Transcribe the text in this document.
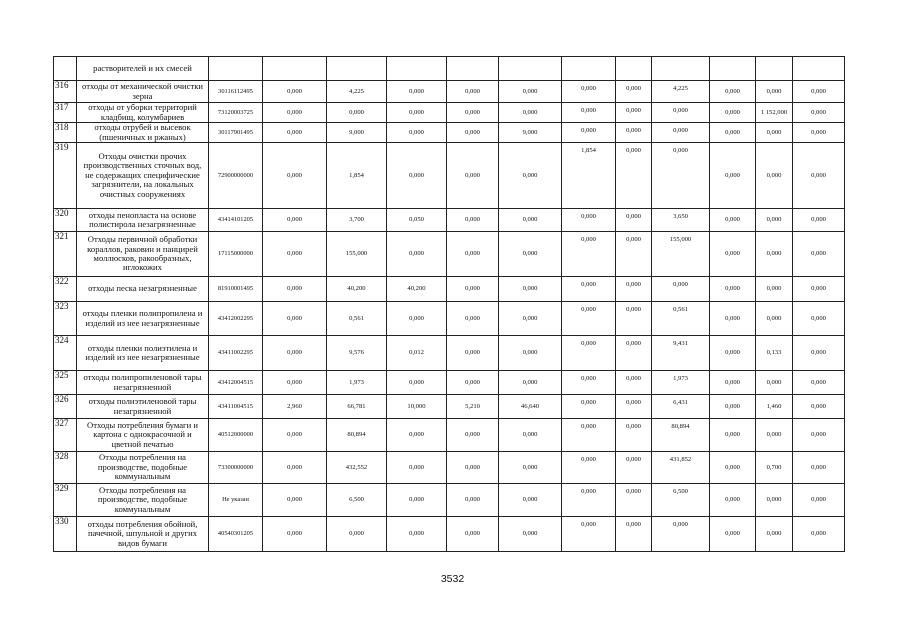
	растворителей и их смесей												
316	отходы от механической очистки зерна	30116112495	0,000	4,225	0,000	0,000	0,000	0,000	0,000	4,225	0,000	0,000	0,000
317	отходы от уборки территорий кладбищ, колумбариев	73120003725	0,000	0,000	0,000	0,000	0,000	0,000	0,000	0,000	0,000	1 152,000	0,000
318	отходы отрубей и высевок (пшеничных и ржаных)	30117901495	0,000	9,000	0,000	0,000	9,000	0,000	0,000	0,000	0,000	0,000	0,000
319	Отходы очистки прочих производственных сточных вод, не содержащих специфические загрязнители, на локальных очистных сооружениях	72900000000	0,000	1,854	0,000	0,000	0,000	1,854	0,000	0,000	0,000	0,000	0,000
320	отходы пенопласта на основе полистирола незагрязненные	43414101205	0,000	3,700	0,050	0,000	0,000	0,000	0,000	3,650	0,000	0,000	0,000
321	Отходы первичной обработки кораллов, раковин и панцирей моллюсков, ракообразных, иглокожих	17115000000	0,000	155,000	0,000	0,000	0,000	0,000	0,000	155,000	0,000	0,000	0,000
322	отходы песка незагрязненные	81910001495	0,000	40,200	40,200	0,000	0,000	0,000	0,000	0,000	0,000	0,000	0,000
323	отходы пленки полипропилена и изделий из нее незагрязненные	43412002295	0,000	0,561	0,000	0,000	0,000	0,000	0,000	0,561	0,000	0,000	0,000
324	отходы пленки полиэтилена и изделий из нее незагрязненные	43411002295	0,000	9,576	0,012	0,000	0,000	0,000	0,000	9,431	0,000	0,133	0,000
325	отходы полипропиленовой тары незагрязненной	43412004515	0,000	1,973	0,000	0,000	0,000	0,000	0,000	1,973	0,000	0,000	0,000
326	отходы полиэтиленовой тары незагрязненной	43411004515	2,960	66,781	10,000	5,210	46,640	0,000	0,000	6,431	0,000	1,460	0,000
327	Отходы потребления бумаги и картона с однокрасочной и цветной печатью	40512000000	0,000	80,894	0,000	0,000	0,000	0,000	0,000	80,894	0,000	0,000	0,000
328	Отходы потребления на производстве, подобные коммунальным	73300000000	0,000	432,552	0,000	0,000	0,000	0,000	0,000	431,852	0,000	0,700	0,000
329	Отходы потребления на производстве, подобные коммунальным	Не указан	0,000	6,500	0,000	0,000	0,000	0,000	0,000	6,500	0,000	0,000	0,000
330	отходы потребления обойной, пачечной, шпульной и других видов бумаги	40540301205	0,000	0,000	0,000	0,000	0,000	0,000	0,000	0,000	0,000	0,000	0,000
3532
